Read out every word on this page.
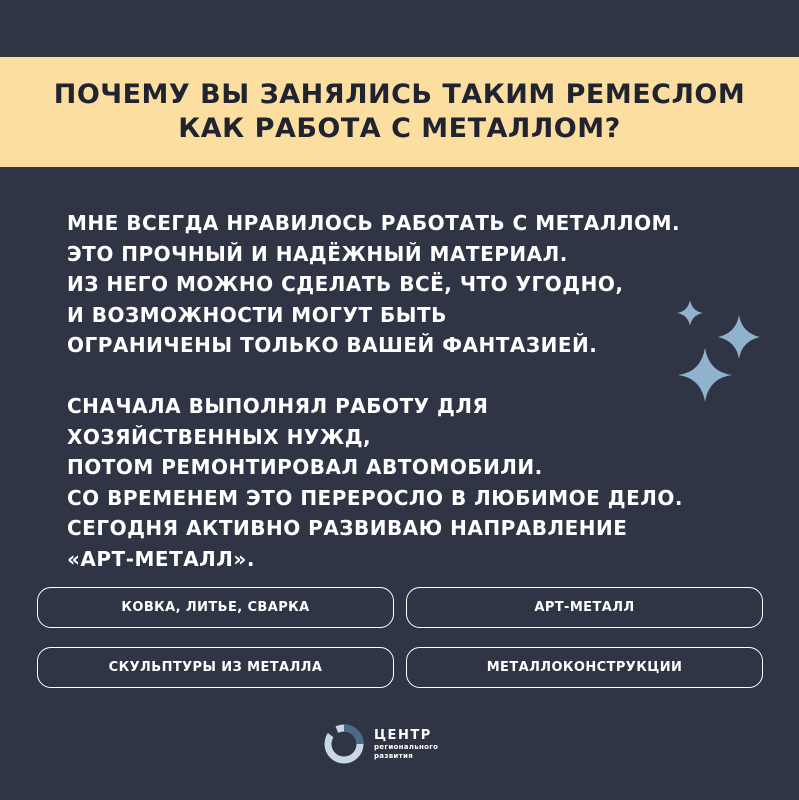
ПОЧЕМУ ВЫ ЗАНЯЛИСЬ ТАКИМ РЕМЕСЛОМ
КАК РАБОТА С МЕТАЛЛОМ?
МНЕ ВСЕГДА НРАВИЛОСЬ РАБОТАТЬ С МЕТАЛЛОМ.
ЭТО ПРОЧНЫЙ И НАДЁЖНЫЙ МАТЕРИАЛ.
ИЗ НЕГО МОЖНО СДЕЛАТЬ ВСЁ, ЧТО УГОДНО,
И ВОЗМОЖНОСТИ МОГУТ БЫТЬ
ОГРАНИЧЕНЫ ТОЛЬКО ВАШЕЙ ФАНТАЗИЕЙ.
СНАЧАЛА ВЫПОЛНЯЛ РАБОТУ ДЛЯ
ХОЗЯЙСТВЕННЫХ НУЖД,
ПОТОМ РЕМОНТИРОВАЛ АВТОМОБИЛИ.
СО ВРЕМЕНЕМ ЭТО ПЕРЕРОСЛО В ЛЮБИМОЕ ДЕЛО.
СЕГОДНЯ АКТИВНО РАЗВИВАЮ НАПРАВЛЕНИЕ
«АРТ-МЕТАЛЛ».
КОВКА, ЛИТЬЕ, СВАРКА	АРТ-МЕТАЛЛ
СКУЛЬПТУРЫ ИЗ МЕТАЛЛА	МЕТАЛЛОКОНСТРУКЦИИ
ЦЕНТР
регионального
развития
